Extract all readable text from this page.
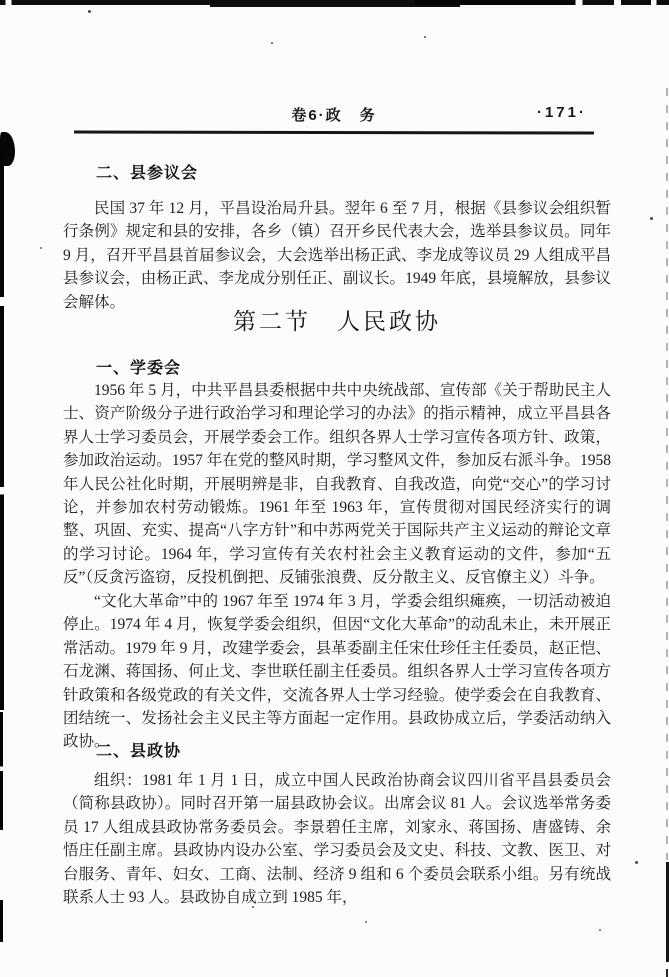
卷6·政　务	·171·
二、县参议会

民国 37 年 12 月，平昌设治局升县。翌年 6 至 7 月，根据《县参议会组织暂行条例》规定和县的安排，各乡（镇）召开乡民代表大会，选举县参议员。同年 9 月，召开平昌县首届参议会，大会选举出杨正武、李龙成等议员 29 人组成平昌县参议会，由杨正武、李龙成分别任正、副议长。1949 年底，县境解放，县参议会解体。

第二节　人民政协
一、学委会

1956 年 5 月，中共平昌县委根据中共中央统战部、宣传部《关于帮助民主人士、资产阶级分子进行政治学习和理论学习的办法》的指示精神，成立平昌县各界人士学习委员会，开展学委会工作。组织各界人士学习宣传各项方针、政策，参加政治运动。1957 年在党的整风时期，学习整风文件，参加反右派斗争。1958 年人民公社化时期，开展明辨是非，自我教育、自我改造，向党“交心”的学习讨论，并参加农村劳动锻炼。1961 年至 1963 年，宣传贯彻对国民经济实行的调整、巩固、充实、提高“八字方针”和中苏两党关于国际共产主义运动的辩论文章的学习讨论。1964 年，学习宣传有关农村社会主义教育运动的文件，参加“五反”（反贪污盗窃，反投机倒把、反铺张浪费、反分散主义、反官僚主义）斗争。

“文化大革命”中的 1967 年至 1974 年 3 月，学委会组织瘫痪，一切活动被迫停止。1974 年 4 月，恢复学委会组织，但因“文化大革命”的动乱未止，未开展正常活动。1979 年 9 月，改建学委会，县革委副主任宋仕珍任主任委员，赵正恺、石龙渊、蒋国扬、何止戈、李世联任副主任委员。组织各界人士学习宣传各项方针政策和各级党政的有关文件，交流各界人士学习经验。使学委会在自我教育、团结统一、发扬社会主义民主等方面起一定作用。县政协成立后，学委活动纳入政协。

二、县政协

组织：1981 年 1 月 1 日，成立中国人民政治协商会议四川省平昌县委员会（简称县政协）。同时召开第一届县政协会议。出席会议 81 人。会议选举常务委员 17 人组成县政协常务委员会。李景碧任主席，刘家永、蒋国扬、唐盛铸、余悟庄任副主席。县政协内设办公室、学习委员会及文史、科技、文教、医卫、对台服务、青年、妇女、工商、法制、经济 9 组和 6 个委员会联系小组。另有统战联系人士 93 人。县政协自成立到 1985 年，
